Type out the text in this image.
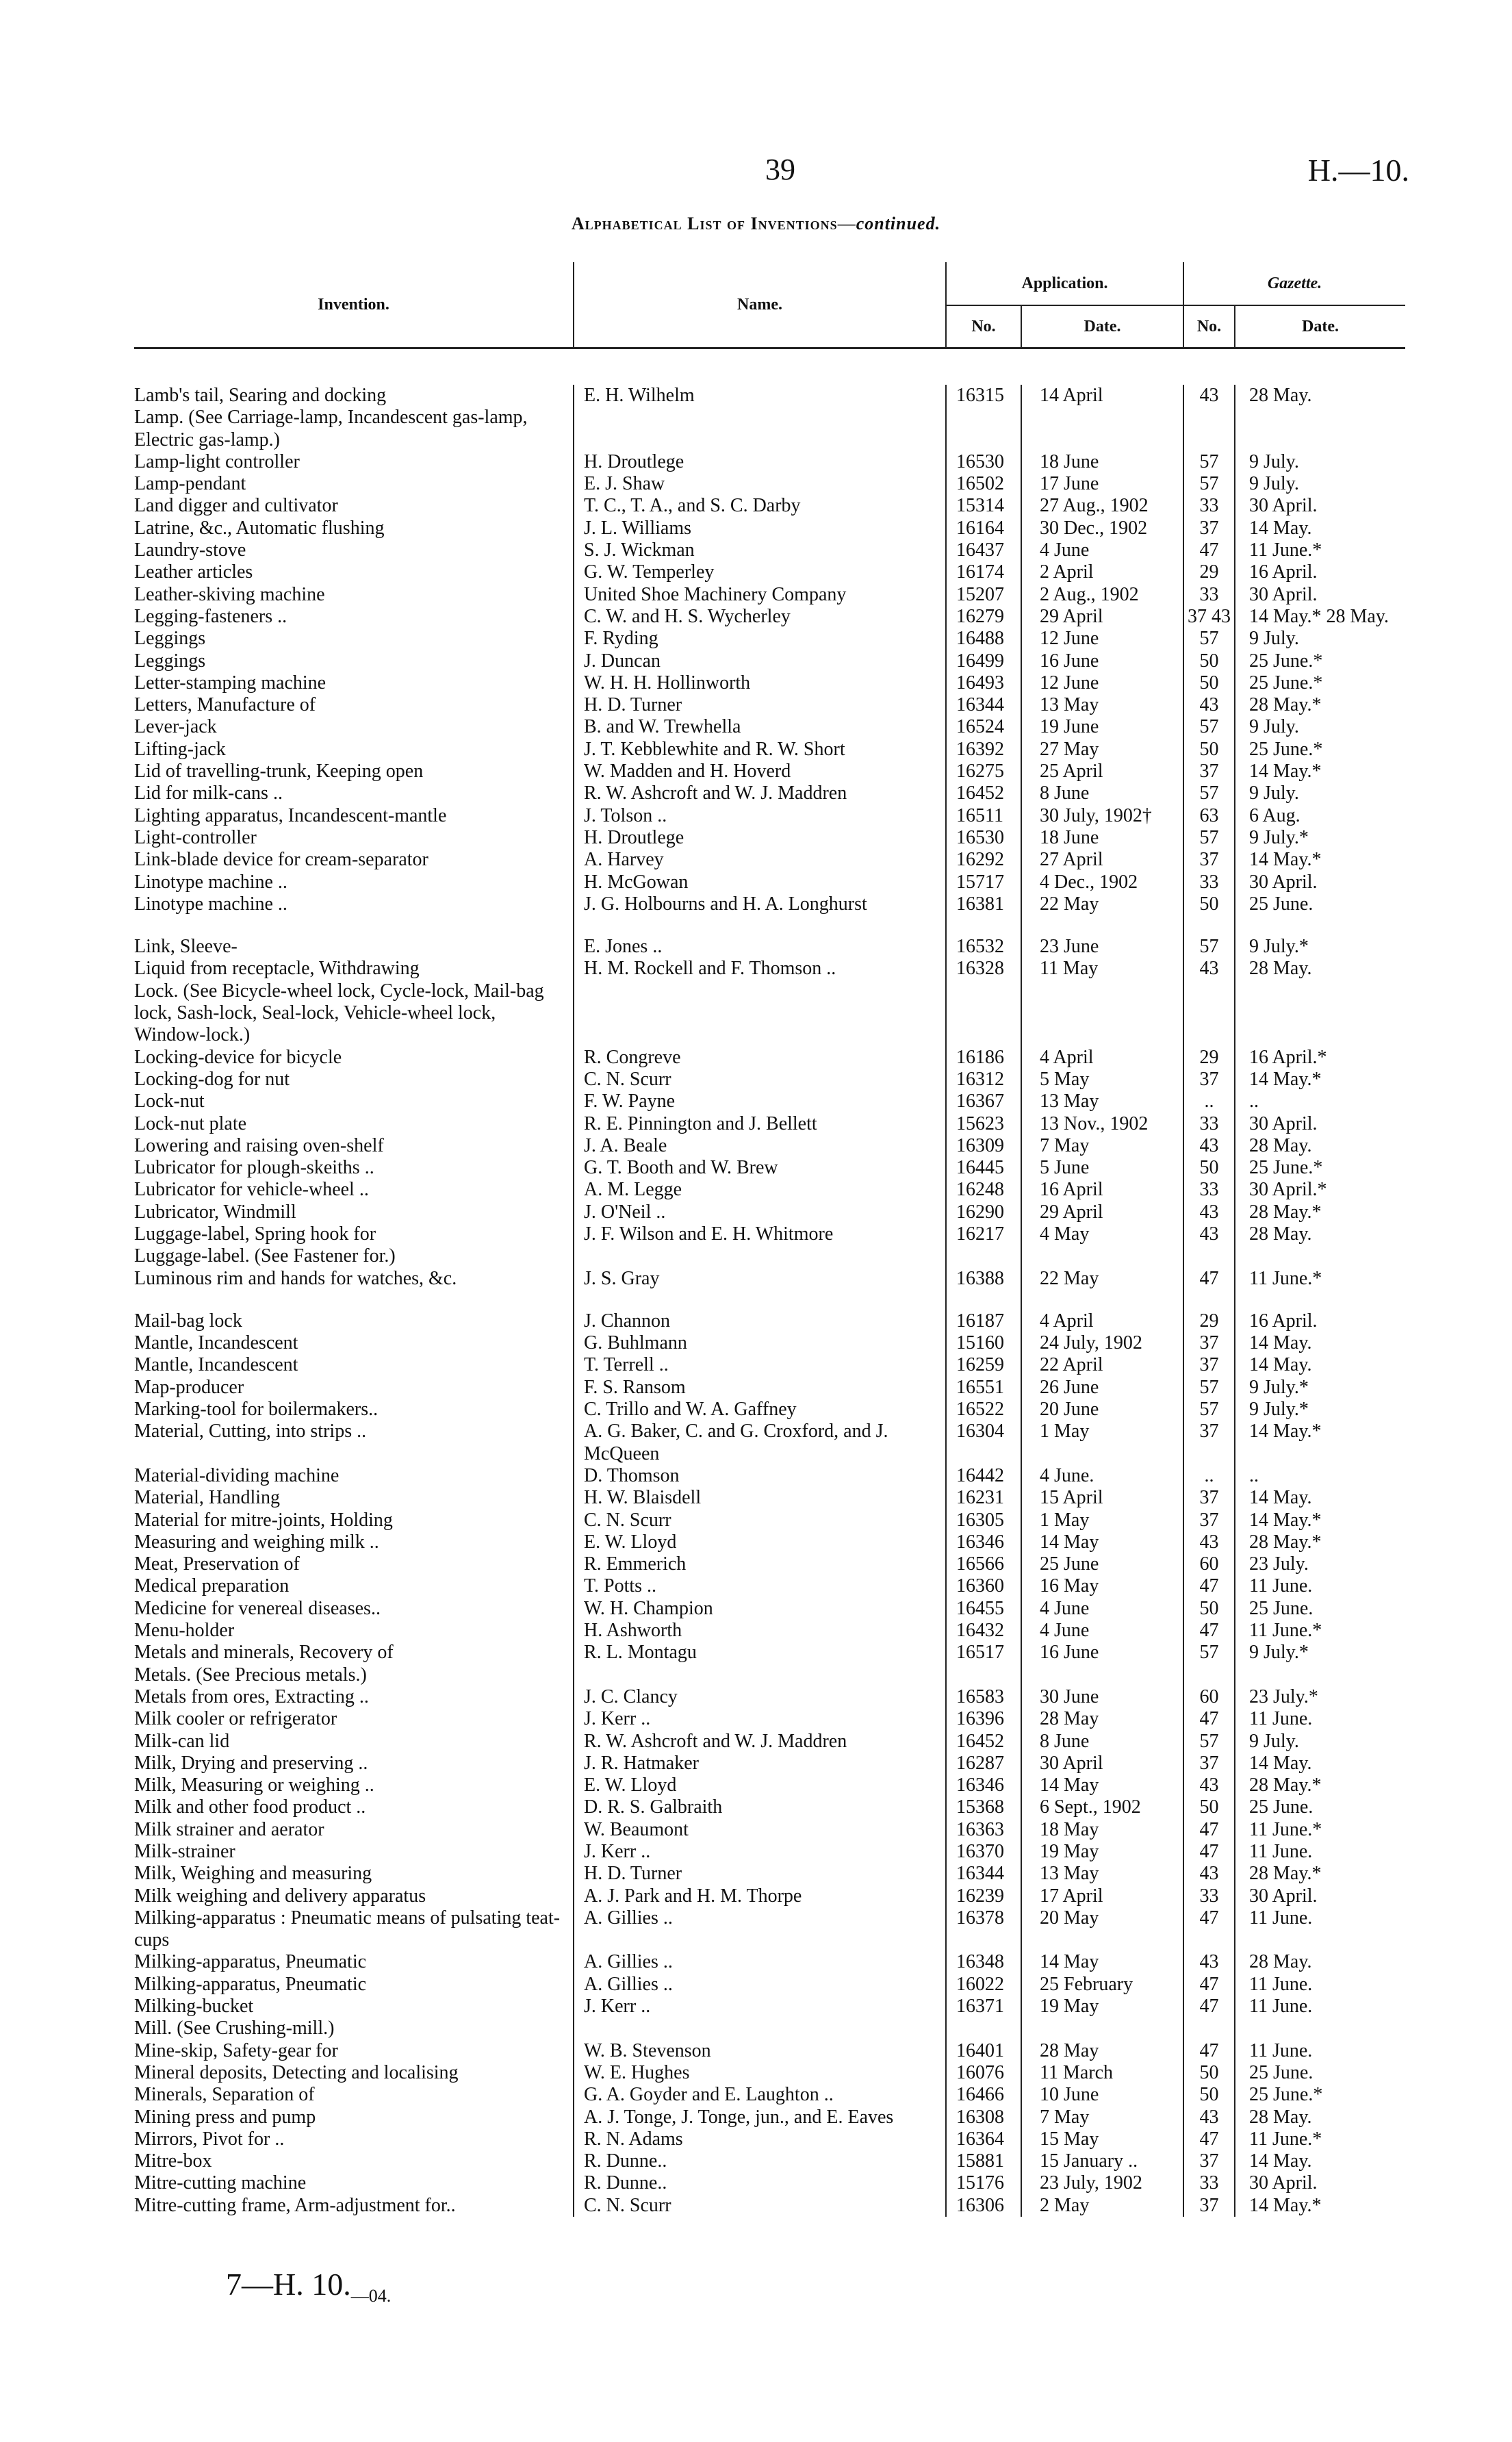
39	H.—10.
Alphabetical List of Inventions—continued.
Invention.	Name.	Application.		Gazette.	
		No.	Date.	No.	Date.
Lamb's tail, Searing and docking	E. H. Wilhelm	16315	14 April	43	28 May.
Lamp. (See Carriage-lamp, Incandescent gas-lamp, Electric gas-lamp.)					
Lamp-light controller	H. Droutlege	16530	18 June	57	9 July.
Lamp-pendant	E. J. Shaw	16502	17 June	57	9 July.
Land digger and cultivator	T. C., T. A., and S. C. Darby	15314	27 Aug., 1902	33	30 April.
Latrine, &c., Automatic flushing	J. L. Williams	16164	30 Dec., 1902	37	14 May.
Laundry-stove	S. J. Wickman	16437	4 June	47	11 June.*
Leather articles	G. W. Temperley	16174	2 April	29	16 April.
Leather-skiving machine	United Shoe Machinery Company	15207	2 Aug., 1902	33	30 April.
Legging-fasteners ..	C. W. and H. S. Wycherley	16279	29 April	37 43	14 May.* 28 May.
Leggings	F. Ryding	16488	12 June	57	9 July.
Leggings	J. Duncan	16499	16 June	50	25 June.*
Letter-stamping machine	W. H. H. Hollinworth	16493	12 June	50	25 June.*
Letters, Manufacture of	H. D. Turner	16344	13 May	43	28 May.*
Lever-jack	B. and W. Trewhella	16524	19 June	57	9 July.
Lifting-jack	J. T. Kebblewhite and R. W. Short	16392	27 May	50	25 June.*
Lid of travelling-trunk, Keeping open	W. Madden and H. Hoverd	16275	25 April	37	14 May.*
Lid for milk-cans ..	R. W. Ashcroft and W. J. Maddren	16452	8 June	57	9 July.
Lighting apparatus, Incandescent-mantle	J. Tolson ..	16511	30 July, 1902†	63	6 Aug.
Light-controller	H. Droutlege	16530	18 June	57	9 July.*
Link-blade device for cream-separator	A. Harvey	16292	27 April	37	14 May.*
Linotype machine ..	H. McGowan	15717	4 Dec., 1902	33	30 April.
Linotype machine ..	J. G. Holbourns and H. A. Longhurst	16381	22 May	50	25 June.

Link, Sleeve-	E. Jones ..	16532	23 June	57	9 July.*
Liquid from receptacle, Withdrawing	H. M. Rockell and F. Thomson ..	16328	11 May	43	28 May.
Lock. (See Bicycle-wheel lock, Cycle-lock, Mail-bag lock, Sash-lock, Seal-lock, Vehicle-wheel lock, Window-lock.)					
Locking-device for bicycle	R. Congreve	16186	4 April	29	16 April.*
Locking-dog for nut	C. N. Scurr	16312	5 May	37	14 May.*
Lock-nut	F. W. Payne	16367	13 May	..	..
Lock-nut plate	R. E. Pinnington and J. Bellett	15623	13 Nov., 1902	33	30 April.
Lowering and raising oven-shelf	J. A. Beale	16309	7 May	43	28 May.
Lubricator for plough-skeiths ..	G. T. Booth and W. Brew	16445	5 June	50	25 June.*
Lubricator for vehicle-wheel ..	A. M. Legge	16248	16 April	33	30 April.*
Lubricator, Windmill	J. O'Neil ..	16290	29 April	43	28 May.*
Luggage-label, Spring hook for	J. F. Wilson and E. H. Whitmore	16217	4 May	43	28 May.
Luggage-label. (See Fastener for.)					
Luminous rim and hands for watches, &c.	J. S. Gray	16388	22 May	47	11 June.*

Mail-bag lock	J. Channon	16187	4 April	29	16 April.
Mantle, Incandescent	G. Buhlmann	15160	24 July, 1902	37	14 May.
Mantle, Incandescent	T. Terrell ..	16259	22 April	37	14 May.
Map-producer	F. S. Ransom	16551	26 June	57	9 July.*
Marking-tool for boilermakers..	C. Trillo and W. A. Gaffney	16522	20 June	57	9 July.*
Material, Cutting, into strips ..	A. G. Baker, C. and G. Croxford, and J. McQueen	16304	1 May	37	14 May.*
Material-dividing machine	D. Thomson	16442	4 June.	..	..
Material, Handling	H. W. Blaisdell	16231	15 April	37	14 May.
Material for mitre-joints, Holding	C. N. Scurr	16305	1 May	37	14 May.*
Measuring and weighing milk ..	E. W. Lloyd	16346	14 May	43	28 May.*
Meat, Preservation of	R. Emmerich	16566	25 June	60	23 July.
Medical preparation	T. Potts ..	16360	16 May	47	11 June.
Medicine for venereal diseases..	W. H. Champion	16455	4 June	50	25 June.
Menu-holder	H. Ashworth	16432	4 June	47	11 June.*
Metals and minerals, Recovery of	R. L. Montagu	16517	16 June	57	9 July.*
Metals. (See Precious metals.)					
Metals from ores, Extracting ..	J. C. Clancy	16583	30 June	60	23 July.*
Milk cooler or refrigerator	J. Kerr ..	16396	28 May	47	11 June.
Milk-can lid	R. W. Ashcroft and W. J. Maddren	16452	8 June	57	9 July.
Milk, Drying and preserving ..	J. R. Hatmaker	16287	30 April	37	14 May.
Milk, Measuring or weighing ..	E. W. Lloyd	16346	14 May	43	28 May.*
Milk and other food product ..	D. R. S. Galbraith	15368	6 Sept., 1902	50	25 June.
Milk strainer and aerator	W. Beaumont	16363	18 May	47	11 June.*
Milk-strainer	J. Kerr ..	16370	19 May	47	11 June.
Milk, Weighing and measuring	H. D. Turner	16344	13 May	43	28 May.*
Milk weighing and delivery apparatus	A. J. Park and H. M. Thorpe	16239	17 April	33	30 April.
Milking-apparatus : Pneumatic means of pulsating teat-cups	A. Gillies ..	16378	20 May	47	11 June.
Milking-apparatus, Pneumatic	A. Gillies ..	16348	14 May	43	28 May.
Milking-apparatus, Pneumatic	A. Gillies ..	16022	25 February	47	11 June.
Milking-bucket	J. Kerr ..	16371	19 May	47	11 June.
Mill. (See Crushing-mill.)					
Mine-skip, Safety-gear for	W. B. Stevenson	16401	28 May	47	11 June.
Mineral deposits, Detecting and localising	W. E. Hughes	16076	11 March	50	25 June.
Minerals, Separation of	G. A. Goyder and E. Laughton ..	16466	10 June	50	25 June.*
Mining press and pump	A. J. Tonge, J. Tonge, jun., and E. Eaves	16308	7 May	43	28 May.
Mirrors, Pivot for ..	R. N. Adams	16364	15 May	47	11 June.*
Mitre-box	R. Dunne..	15881	15 January ..	37	14 May.
Mitre-cutting machine	R. Dunne..	15176	23 July, 1902	33	30 April.
Mitre-cutting frame, Arm-adjustment for..	C. N. Scurr	16306	2 May	37	14 May.*
7—H. $10._{—04.}$
